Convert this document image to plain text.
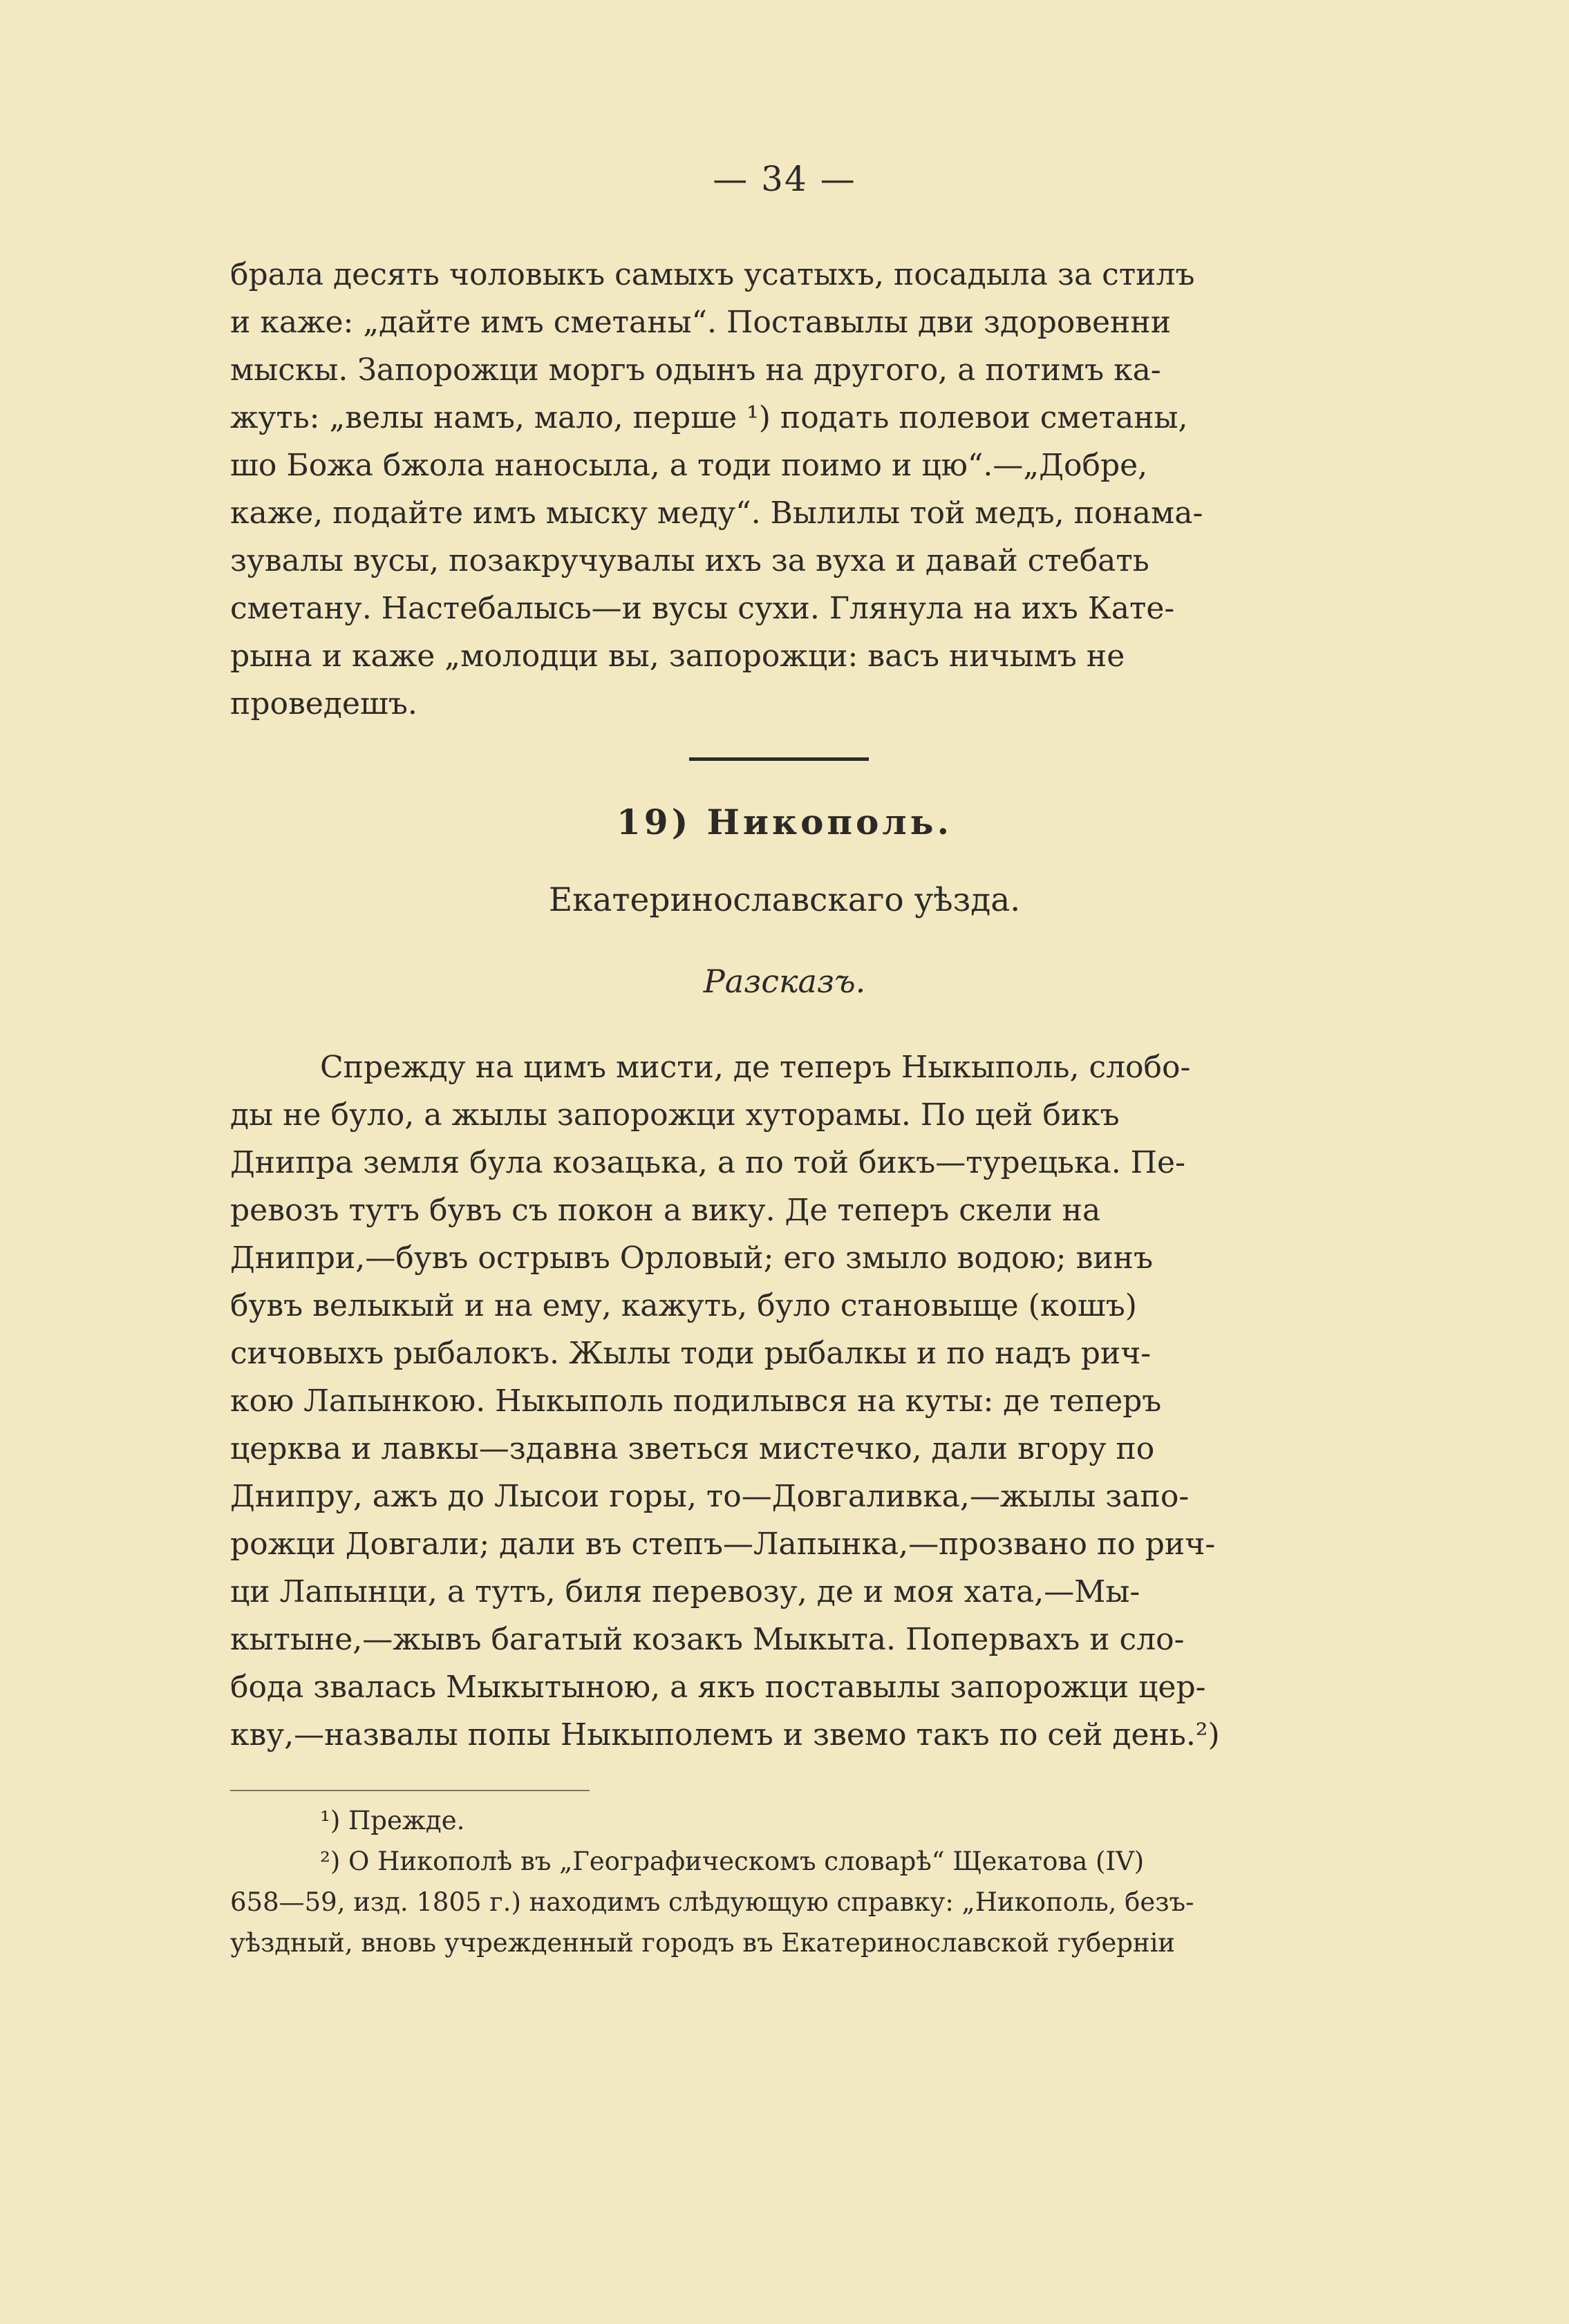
— 34 —
брала десять чоловыкъ самыхъ усатыхъ, посадыла за стилъ
и каже: „дайте имъ сметаны“. Поставылы дви здоровенни
мыскы. Запорожци моргъ одынъ на другого, а потимъ ка-
жуть: „велы намъ, мало, перше ¹) подать полевои сметаны,
шо Божа бжола наносыла, а тоди поимо и цю“.—„Добре,
каже, подайте имъ мыску меду“. Вылилы той медъ, понама-
зувалы вусы, позакручувалы ихъ за вуха и давай стебать
сметану. Настебалысь—и вусы сухи. Глянула на ихъ Кате-
рына и каже „молодци вы, запорожци: васъ ничымъ не
проведешъ.
19) Никополь.
Екатеринославскаго уѣзда.
Разсказъ.
Спрежду на цимъ мисти, де теперъ Ныкыполь, слобо-
ды не було, а жылы запорожци хуторамы. По цей бикъ
Днипра земля була козацька, а по той бикъ—турецька. Пе-
ревозъ тутъ бувъ съ покон а вику. Де теперъ скели на
Днипри,—бувъ острывъ Орловый; его змыло водою; винъ
бувъ велыкый и на ему, кажуть, було становыще (кошъ)
сичовыхъ рыбалокъ. Жылы тоди рыбалкы и по надъ рич-
кою Лапынкою. Ныкыполь подилывся на куты: де теперъ
церква и лавкы—здавна зветься мистечко, дали вгору по
Днипру, ажъ до Лысои горы, то—Довгаливка,—жылы запо-
рожци Довгали; дали въ степъ—Лапынка,—прозвано по рич-
ци Лапынци, а тутъ, биля перевозу, де и моя хата,—Мы-
кытыне,—жывъ багатый козакъ Мыкыта. Попервахъ и сло-
бода звалась Мыкытыною, а якъ поставылы запорожци цер-
кву,—назвалы попы Ныкыполемъ и звемо такъ по сей день.²)
¹) Прежде.
²) О Никополѣ въ „Географическомъ словарѣ“ Щекатова (IV)
658—59, изд. 1805 г.) находимъ слѣдующую справку: „Никополь, безъ-
уѣздный, вновь учрежденный городъ въ Екатеринославской губерніи
